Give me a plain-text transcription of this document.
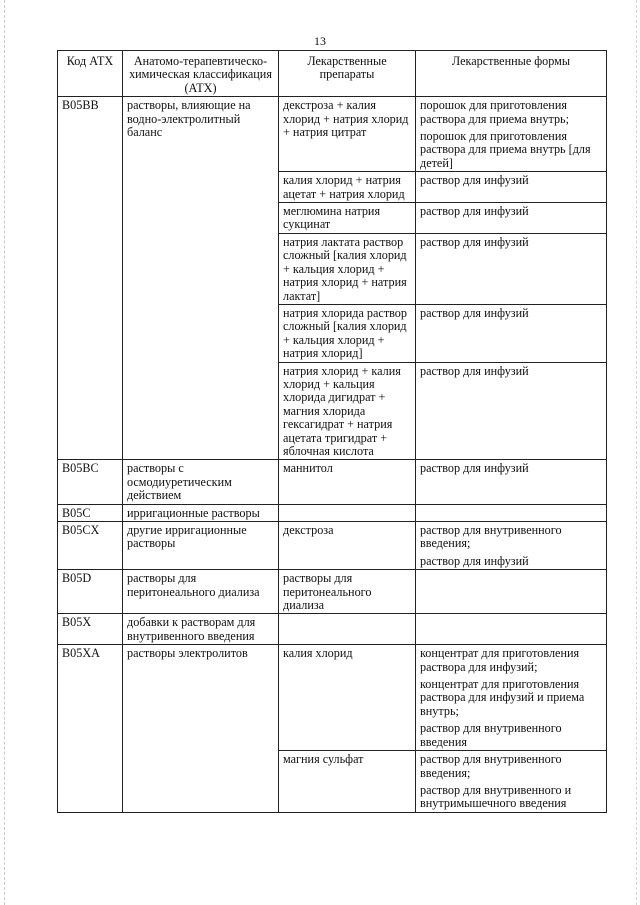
13
Код АТХ	Анатомо-терапевтическо-химическая классификация (АТХ)	Лекарственные препараты	Лекарственные формы
B05BB	растворы, влияющие на водно-электролитный баланс	декстроза + калия хлорид + натрия хлорид + натрия цитрат	порошок для приготовления раствора для приема внутрь;
порошок для приготовления раствора для приема внутрь [для детей]

		калия хлорид + натрия ацетат + натрия хлорид	раствор для инфузий

		меглюмина натрия сукцинат	раствор для инфузий

		натрия лактата раствор сложный [калия хлорид + кальция хлорид + натрия хлорид + натрия лактат]	раствор для инфузий

		натрия хлорида раствор сложный [калия хлорид + кальция хлорид + натрия хлорид]	раствор для инфузий

		натрия хлорид + калия хлорид + кальция хлорида дигидрат + магния хлорида гексагидрат + натрия ацетата тригидрат + яблочная кислота	раствор для инфузий

B05BC	растворы с осмодиуретическим действием	маннитол	раствор для инфузий

B05C	ирригационные растворы		
B05CX	другие ирригационные растворы	декстроза	раствор для внутривенного введения;
раствор для инфузий

B05D	растворы для перитонеального диализа	растворы для перитонеального диализа	
B05X	добавки к растворам для внутривенного введения		
B05XA	растворы электролитов	калия хлорид	концентрат для приготовления раствора для инфузий;
концентрат для приготовления раствора для инфузий и приема внутрь;
раствор для внутривенного введения

		магния сульфат	раствор для внутривенного введения;
раствор для внутривенного и внутримышечного введения
